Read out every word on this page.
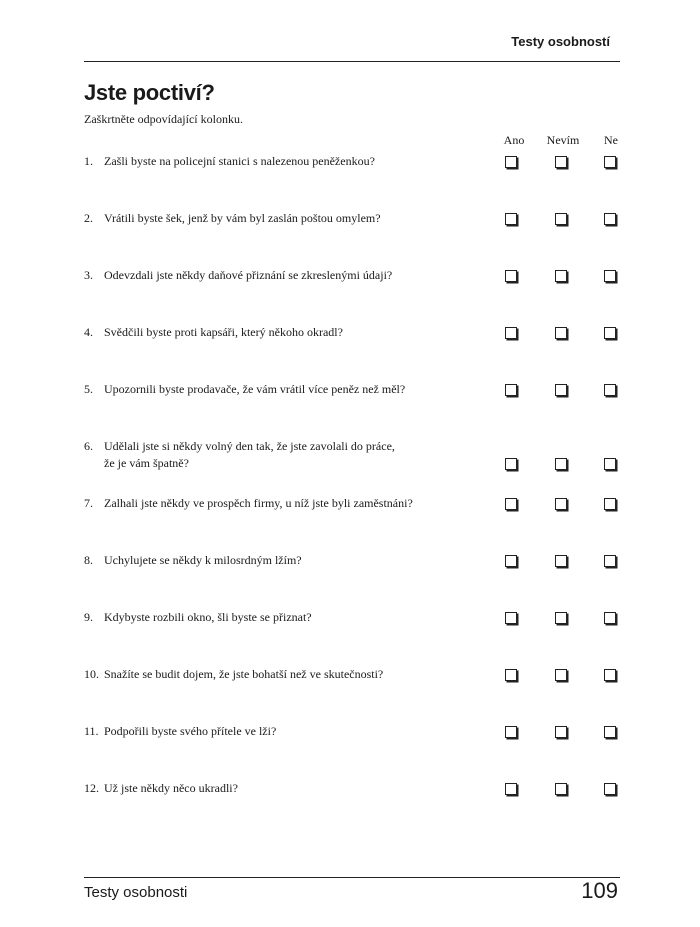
Testy osobností
Jste poctiví?
Zaškrtněte odpovídající kolonku.
Ano	Nevím	Ne
1. Zašli byste na policejní stanici s nalezenou peněženkou?
2. Vrátili byste šek, jenž by vám byl zaslán poštou omylem?
3. Odevzdali jste někdy daňové přiznání se zkreslenými údaji?
4. Svědčili byste proti kapsáři, který někoho okradl?
5. Upozornili byste prodavače, že vám vrátil více peněz než měl?
6. Udělali jste si někdy volný den tak, že jste zavolali do práce,
že je vám špatně?
7. Zalhali jste někdy ve prospěch firmy, u níž jste byli zaměstnáni?
8. Uchylujete se někdy k milosrdným lžím?
9. Kdybyste rozbili okno, šli byste se přiznat?
10. Snažíte se budit dojem, že jste bohatší než ve skutečnosti?
11. Podpořili byste svého přítele ve lži?
12. Už jste někdy něco ukradli?
Testy osobnosti	109
